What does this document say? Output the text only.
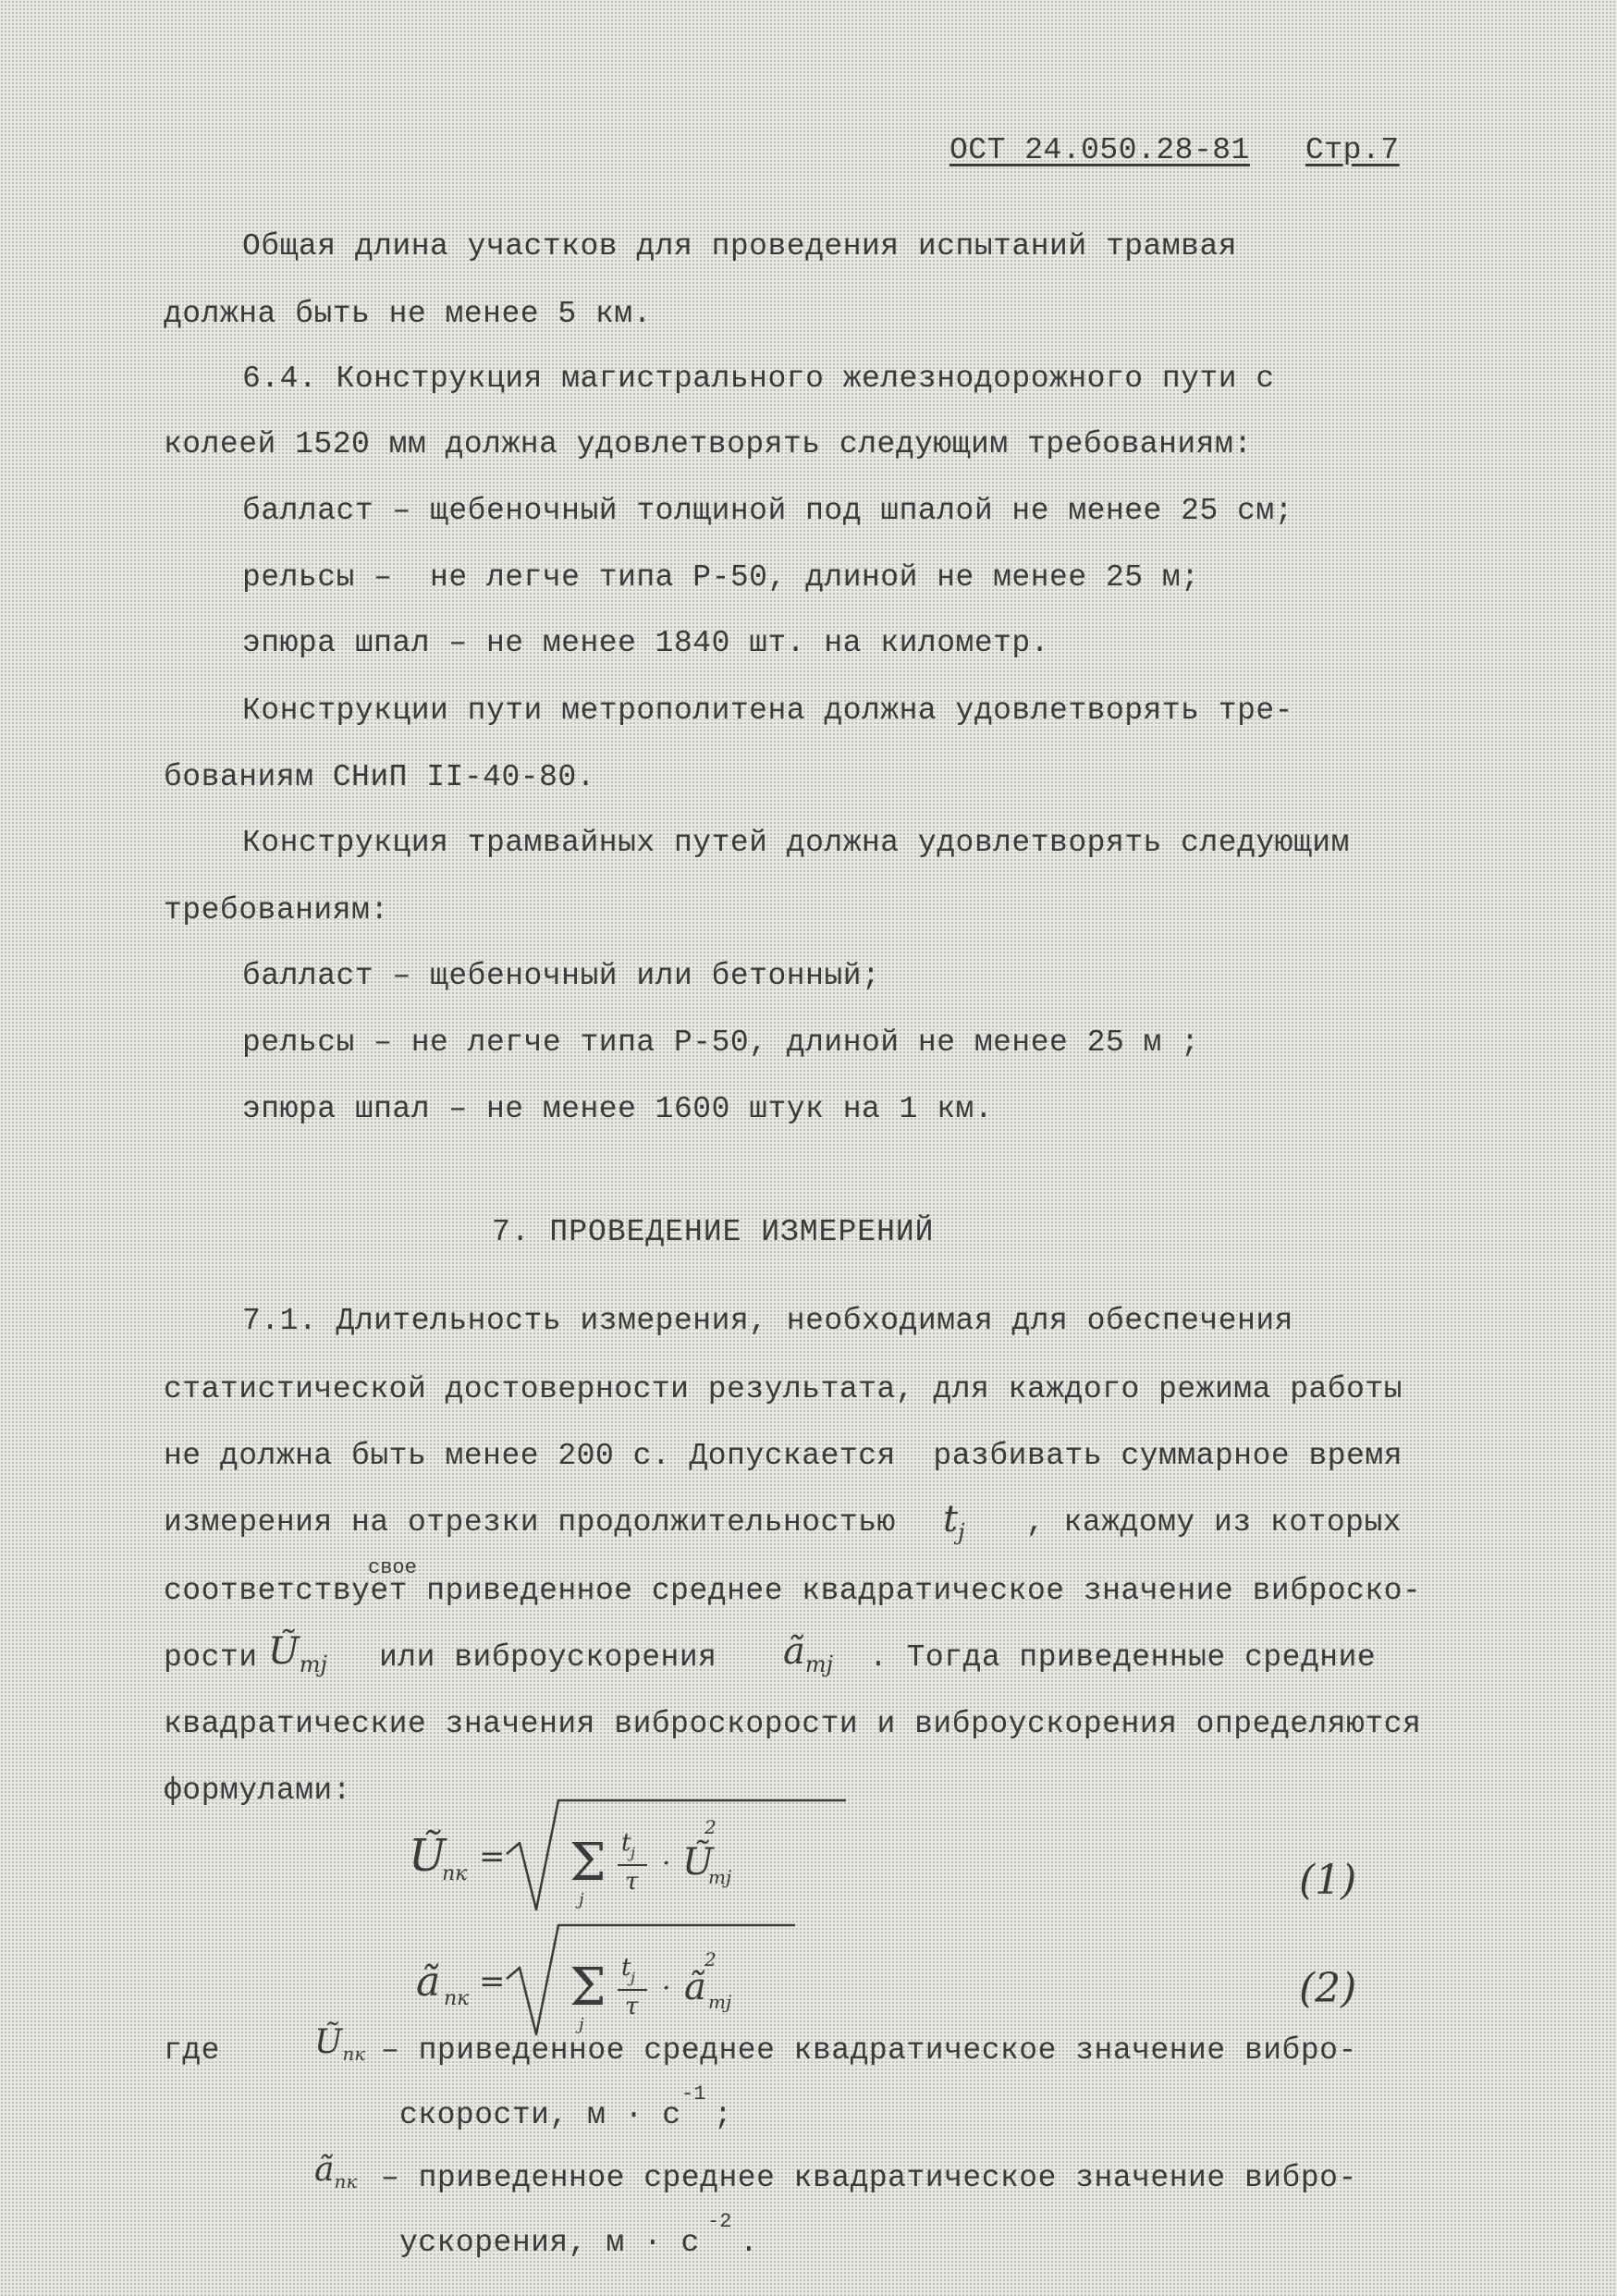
ОСТ 24.050.28-81 Стр.7
Общая длина участков для проведения испытаний трамвая
должна быть не менее 5 км.
6.4. Конструкция магистрального железнодорожного пути с
колеей 1520 мм должна удовлетворять следующим требованиям:
балласт – щебеночный толщиной под шпалой не менее 25 см;
рельсы –  не легче типа Р-50, длиной не менее 25 м;
эпюра шпал – не менее 1840 шт. на километр.
Конструкции пути метрополитена должна удовлетворять тре-
бованиям СНиП II-40-80.
Конструкция трамвайных путей должна удовлетворять следующим
требованиям:
балласт – щебеночный или бетонный;
рельсы – не легче типа Р-50, длиной не менее 25 м ;
эпюра шпал – не менее 1600 штук на 1 км.
7. ПРОВЕДЕНИЕ ИЗМЕРЕНИЙ
7.1. Длительность измерения, необходимая для обеспечения
статистической достоверности результата, для каждого режима работы
не должна быть менее 200 с. Допускается  разбивать суммарное время
измерения на отрезки продолжительностью $t_j$ , каждому из которых
свое
соответствует приведенное среднее квадратическое значение виброско-
рости $Ũ_{mj}$ или виброускорения $ã_{mj}$ . Тогда приведенные средние
квадратические значения виброскорости и виброускорения определяются
формулами:
Ũ
пк = Σ
j
t j
τ
· Ũ
2
mj	(1)
ã пк = Σ
j
t j
τ
· ã
2
mj	(2)
где	$Ũ_{пк}$ – приведенное среднее квадратическое значение вибро-
скорости, м · с
-1
;
$ã_{пк}$ – приведенное среднее квадратическое значение вибро-
ускорения, м · с
-2
.
